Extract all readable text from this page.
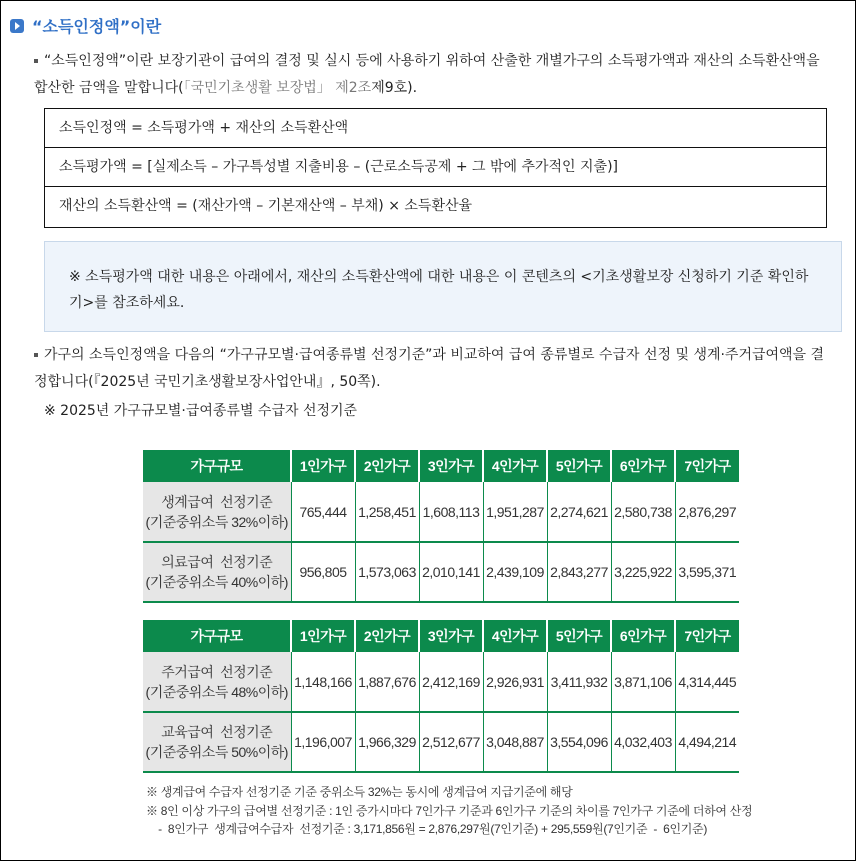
“소득인정액”이란
“소득인정액”이란 보장기관이 급여의 결정 및 실시 등에 사용하기 위하여 산출한 개별가구의 소득평가액과 재산의 소득환산액을 합산한 금액을 말합니다(「국민기초생활 보장법」 제2조제9호).
소득인정액 = 소득평가액 + 재산의 소득환산액
소득평가액 = [실제소득 – 가구특성별 지출비용 – (근로소득공제 + 그 밖에 추가적인 지출)]
재산의 소득환산액 = (재산가액 – 기본재산액 – 부채) × 소득환산율
※ 소득평가액 대한 내용은 아래에서, 재산의 소득환산액에 대한 내용은 이 콘텐츠의 <기초생활보장 신청하기 기준 확인하기>를 참조하세요.
가구의 소득인정액을 다음의 “가구규모별·급여종류별 선정기준”과 비교하여 급여 종류별로 수급자 선정 및 생계·주거급여액을 결정합니다(『2025년 국민기초생활보장사업안내』, 50쪽).
※ 2025년 가구규모별·급여종류별 수급자 선정기준
가구규모	1인가구	2인가구	3인가구	4인가구	5인가구	6인가구	7인가구
생계급여  선정기준
(기준중위소득 32%이하)	765,444	1,258,451	1,608,113	1,951,287	2,274,621	2,580,738	2,876,297
의료급여  선정기준
(기준중위소득 40%이하)	956,805	1,573,063	2,010,141	2,439,109	2,843,277	3,225,922	3,595,371
가구규모	1인가구	2인가구	3인가구	4인가구	5인가구	6인가구	7인가구
주거급여  선정기준
(기준중위소득 48%이하)	1,148,166	1,887,676	2,412,169	2,926,931	3,411,932	3,871,106	4,314,445
교육급여  선정기준
(기준중위소득 50%이하)	1,196,007	1,966,329	2,512,677	3,048,887	3,554,096	4,032,403	4,494,214
※ 생계급여 수급자 선정기준 기준 중위소득 32%는 동시에 생계급여 지급기준에 해당
※ 8인 이상 가구의 급여별 선정기준 : 1인 증가시마다 7인가구 기준과 6인가구 기준의 차이를 7인가구 기준에 더하여 산정
-  8인가구  생계급여수급자  선정기준 : 3,171,856원 = 2,876,297원(7인기준) + 295,559원(7인기준  -  6인기준)
